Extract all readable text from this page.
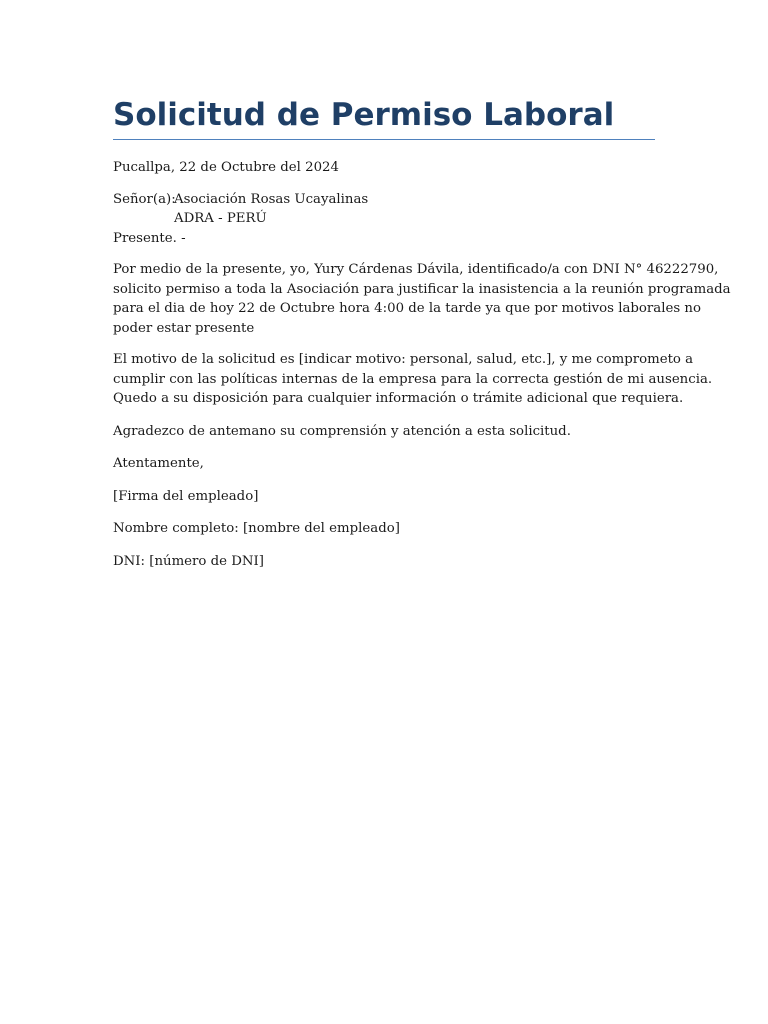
Solicitud de Permiso Laboral
Pucallpa, 22 de Octubre del 2024
Señor(a):
Asociación Rosas Ucayalinas
ADRA - PERÚ
Presente. -
Por medio de la presente, yo, Yury Cárdenas Dávila, identificado/a con DNI N° 46222790,
solicito permiso a toda la Asociación para justificar la inasistencia a la reunión programada
para el dia de hoy 22 de Octubre hora 4:00 de la tarde ya que por motivos laborales no
poder estar presente
El motivo de la solicitud es [indicar motivo: personal, salud, etc.], y me comprometo a
cumplir con las políticas internas de la empresa para la correcta gestión de mi ausencia.
Quedo a su disposición para cualquier información o trámite adicional que requiera.
Agradezco de antemano su comprensión y atención a esta solicitud.
Atentamente,
[Firma del empleado]
Nombre completo: [nombre del empleado]
DNI: [número de DNI]
